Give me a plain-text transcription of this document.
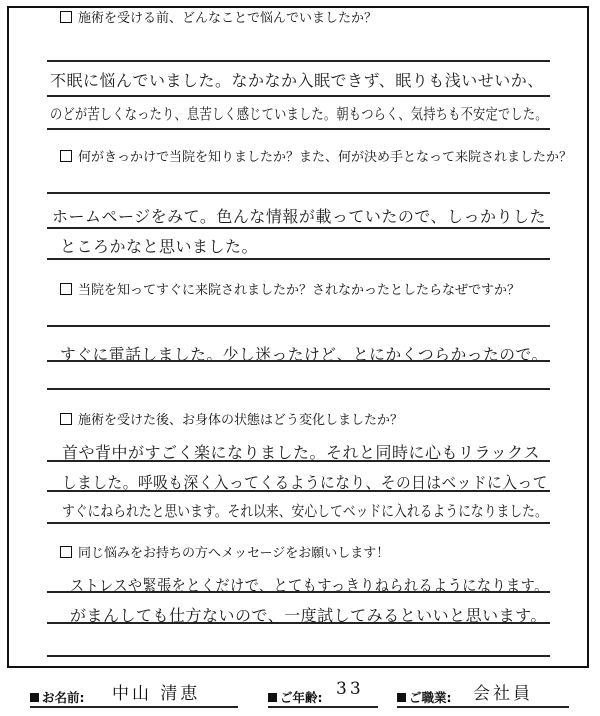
施術を受ける前、どんなことで悩んでいましたか？
不眠に悩んでいました。なかなか入眠できず、眠りも浅いせいか、
のどが苦しくなったり、息苦しく感じていました。朝もつらく、気持ちも不安定でした。
何がきっかけで当院を知りましたか？また、何が決め手となって来院されましたか？
ホームページをみて。色んな情報が載っていたので、しっかりした
ところかなと思いました。
当院を知ってすぐに来院されましたか？されなかったとしたらなぜですか？
すぐに電話しました。少し迷ったけど、とにかくつらかったので。
施術を受けた後、お身体の状態はどう変化しましたか？
首や背中がすごく楽になりました。それと同時に心もリラックス
しました。呼吸も深く入ってくるようになり、その日はベッドに入って
すぐにねられたと思います。それ以来、安心してベッドに入れるようになりました。
同じ悩みをお持ちの方へメッセージをお願いします！
ストレスや緊張をとくだけで、とてもすっきりねられるようになります。
がまんしても仕方ないので、一度試してみるといいと思います。
お名前: 中山 清恵	ご年齢: 33	ご職業: 会社員
